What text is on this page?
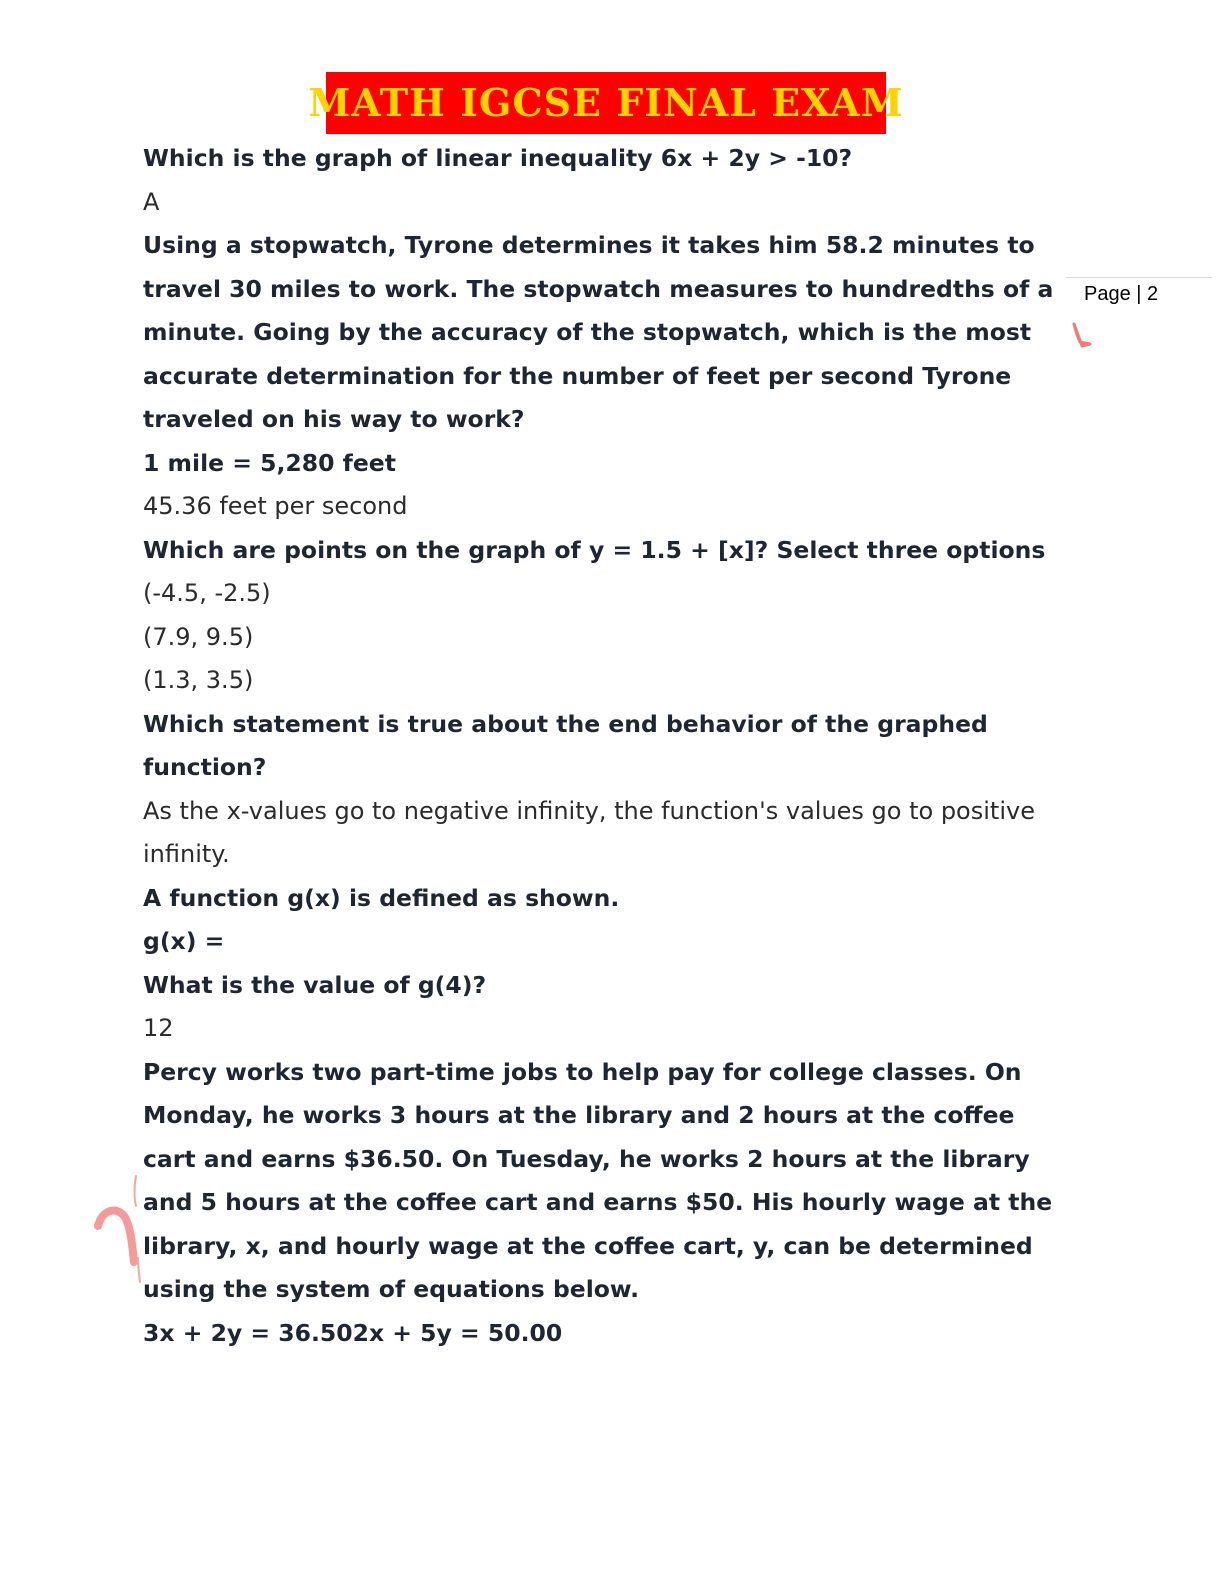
MATH IGCSE FINAL EXAM
Page | 2
Which is the graph of linear inequality 6x + 2y > -10?
A
Using a stopwatch, Tyrone determines it takes him 58.2 minutes to
travel 30 miles to work. The stopwatch measures to hundredths of a
minute. Going by the accuracy of the stopwatch, which is the most
accurate determination for the number of feet per second Tyrone
traveled on his way to work?
1 mile = 5,280 feet
45.36 feet per second
Which are points on the graph of y = 1.5 + [x]? Select three options
(-4.5, -2.5)
(7.9, 9.5)
(1.3, 3.5)
Which statement is true about the end behavior of the graphed
function?
As the x-values go to negative infinity, the function's values go to positive
infinity.
A function g(x) is defined as shown.
g(x) =
What is the value of g(4)?
12
Percy works two part-time jobs to help pay for college classes. On
Monday, he works 3 hours at the library and 2 hours at the coffee
cart and earns $36.50. On Tuesday, he works 2 hours at the library
and 5 hours at the coffee cart and earns $50. His hourly wage at the
library, x, and hourly wage at the coffee cart, y, can be determined
using the system of equations below.
3x + 2y = 36.502x + 5y = 50.00
